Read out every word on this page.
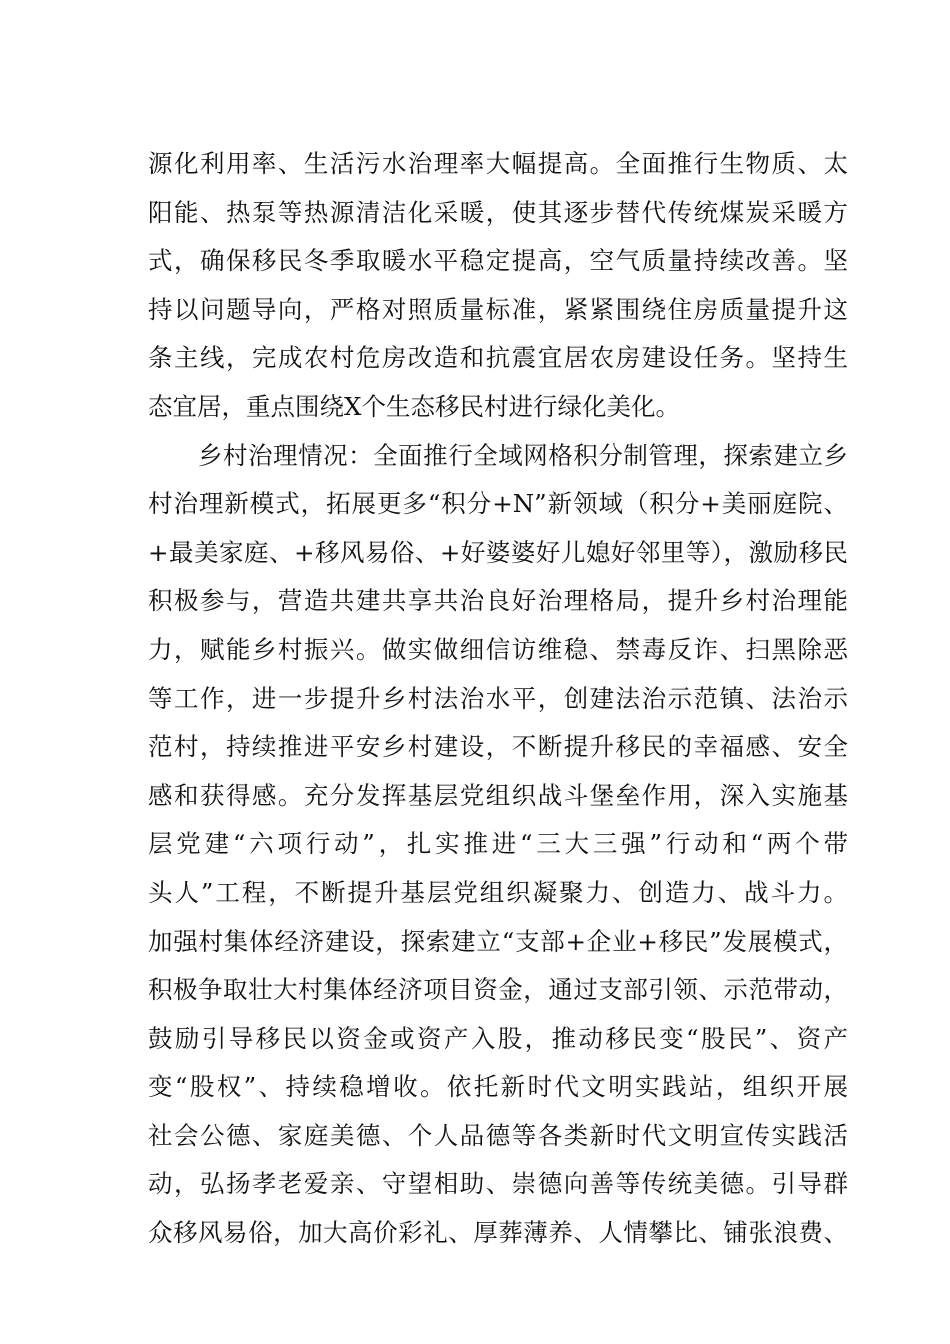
源化利用率、生活污水治理率大幅提高。全面推行生物质、太
阳能、热泵等热源清洁化采暖，使其逐步替代传统煤炭采暖方
式，确保移民冬季取暖水平稳定提高，空气质量持续改善。坚
持以问题导向，严格对照质量标准，紧紧围绕住房质量提升这
条主线，完成农村危房改造和抗震宜居农房建设任务。坚持生
态宜居，重点围绕X个生态移民村进行绿化美化。
乡村治理情况：全面推行全域网格积分制管理，探索建立乡
村治理新模式，拓展更多“积分+N”新领域（积分+美丽庭院、
+最美家庭、+移风易俗、+好婆婆好儿媳好邻里等），激励移民
积极参与，营造共建共享共治良好治理格局，提升乡村治理能
力，赋能乡村振兴。做实做细信访维稳、禁毒反诈、扫黑除恶
等工作，进一步提升乡村法治水平，创建法治示范镇、法治示
范村，持续推进平安乡村建设，不断提升移民的幸福感、安全
感和获得感。充分发挥基层党组织战斗堡垒作用，深入实施基
层党建“六项行动”，扎实推进“三大三强”行动和“两个带
头人”工程，不断提升基层党组织凝聚力、创造力、战斗力。
加强村集体经济建设，探索建立“支部+企业+移民”发展模式，
积极争取壮大村集体经济项目资金，通过支部引领、示范带动，
鼓励引导移民以资金或资产入股，推动移民变“股民”、资产
变“股权”、持续稳增收。依托新时代文明实践站，组织开展
社会公德、家庭美德、个人品德等各类新时代文明宣传实践活
动，弘扬孝老爱亲、守望相助、崇德向善等传统美德。引导群
众移风易俗，加大高价彩礼、厚葬薄养、人情攀比、铺张浪费、
